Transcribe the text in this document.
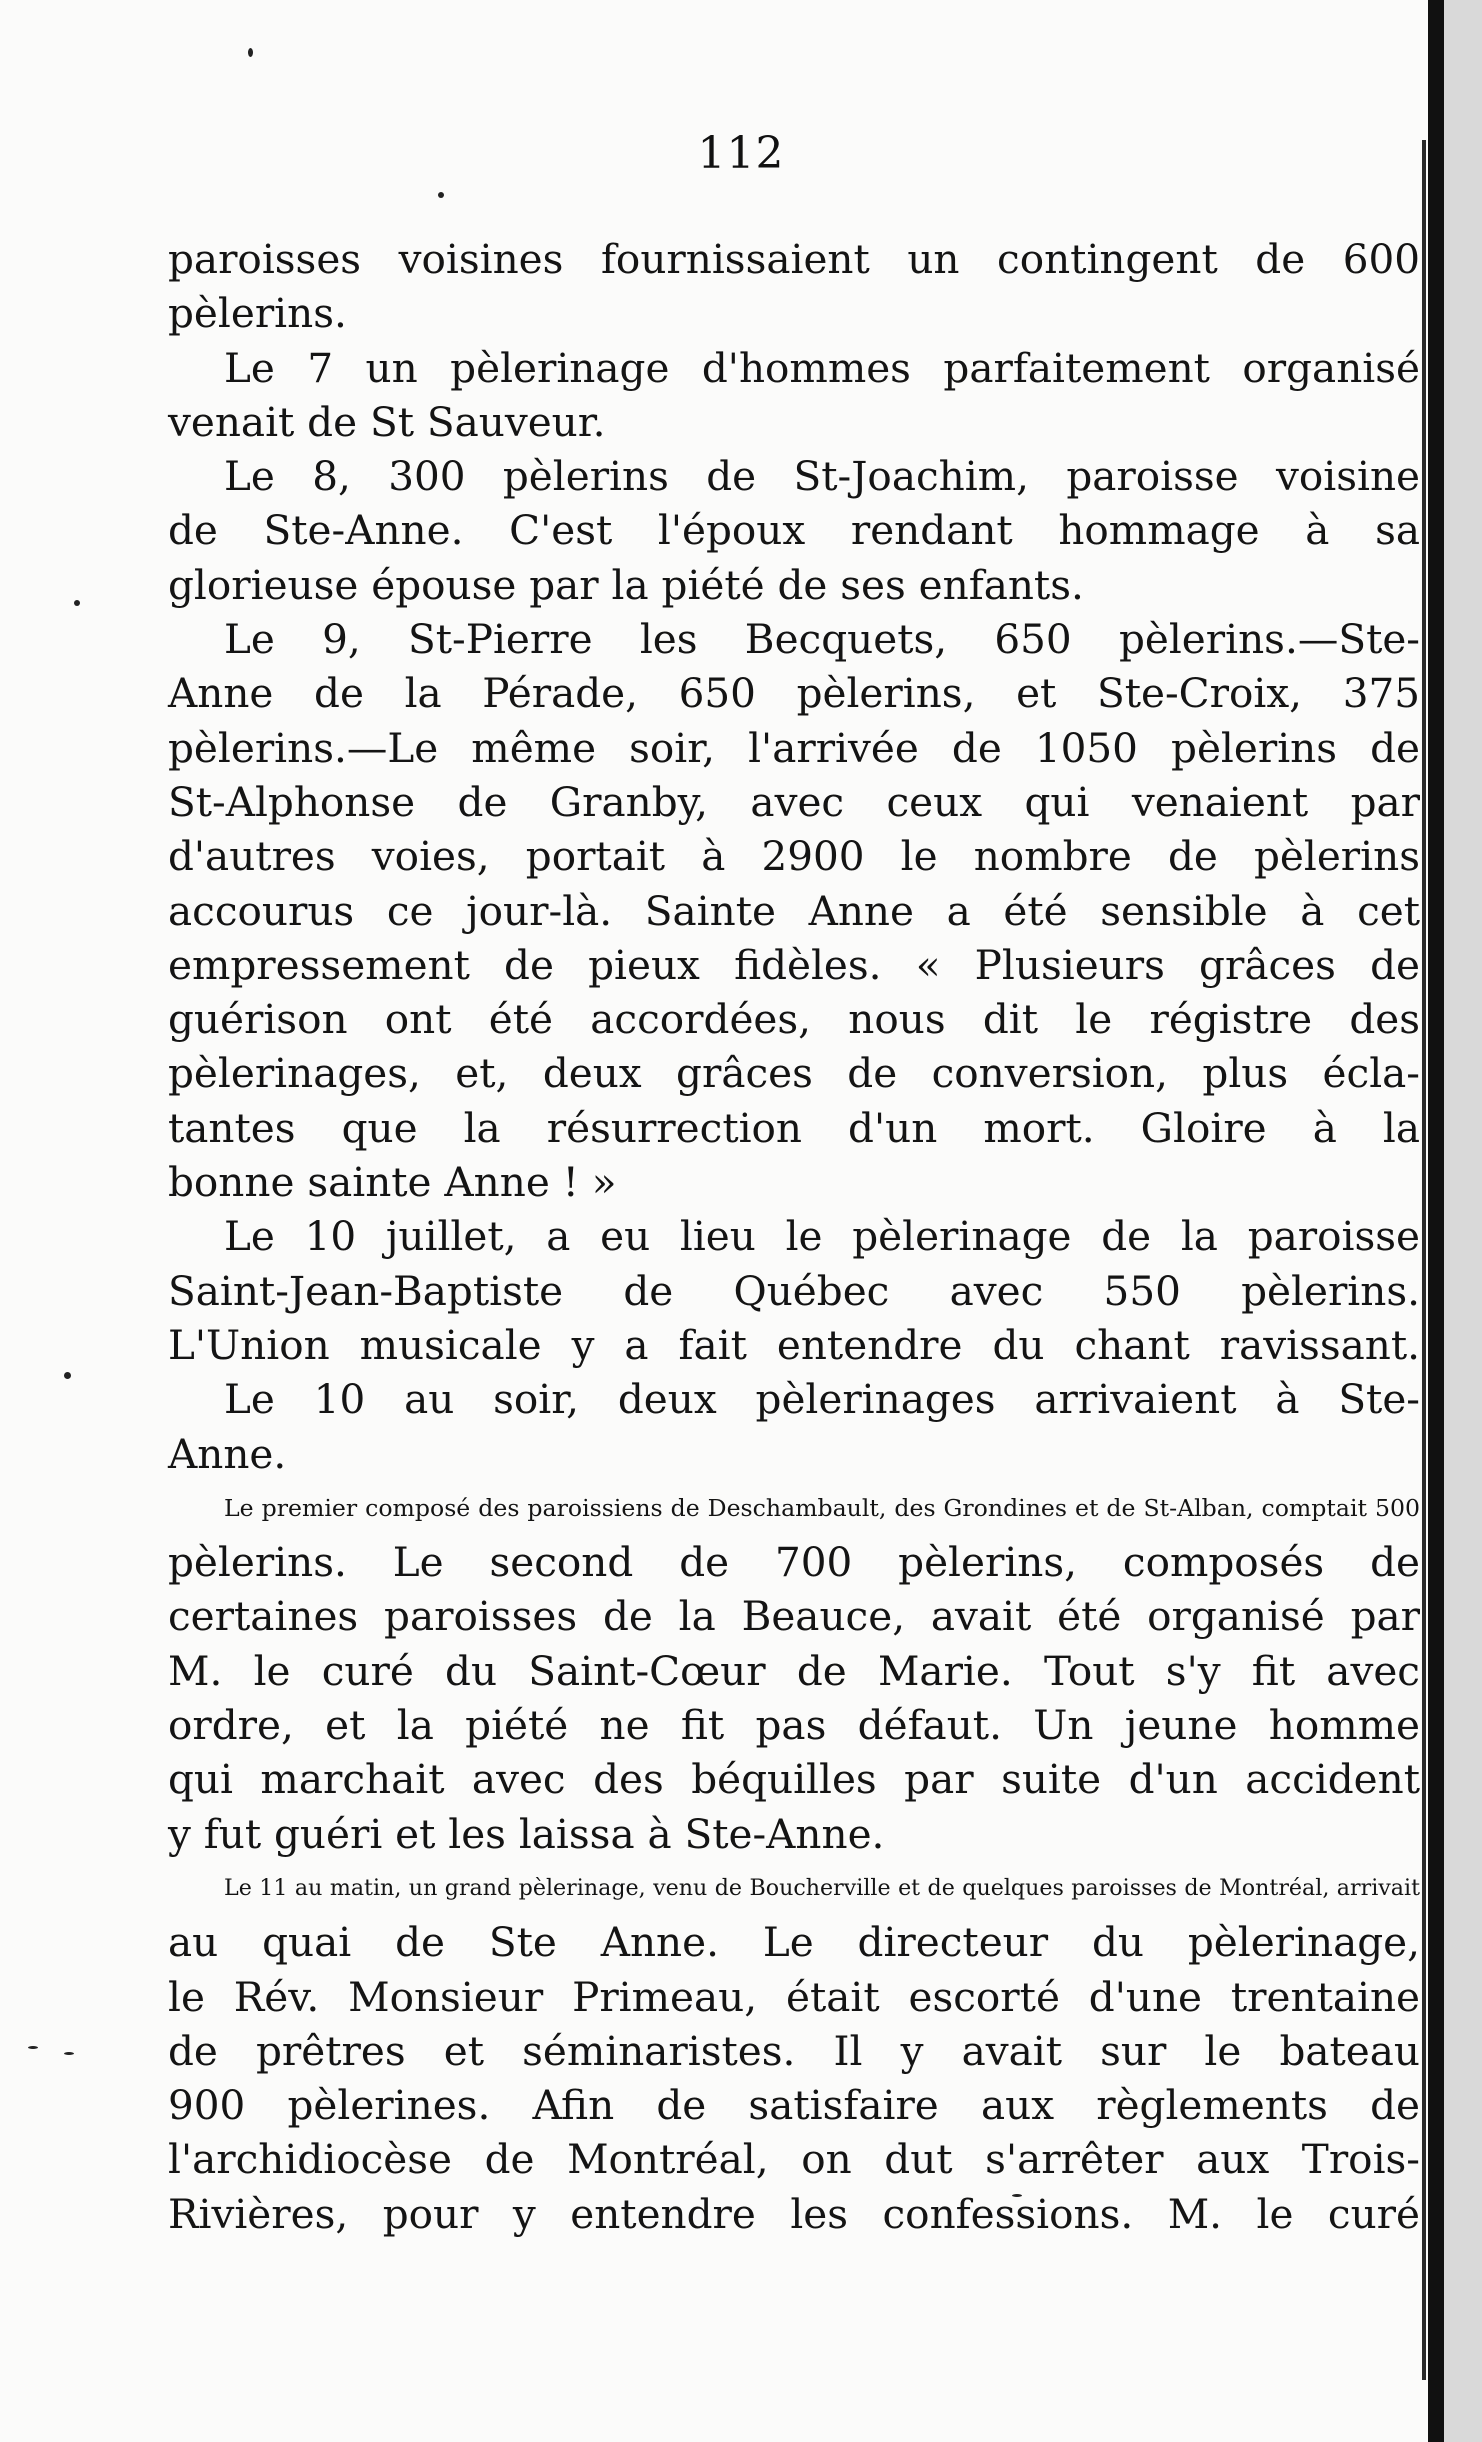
112
paroisses voisines fournissaient un contingent de 600
pèlerins.
Le 7 un pèlerinage d'hommes parfaitement organisé
venait de St Sauveur.
Le 8, 300 pèlerins de St-Joachim, paroisse voisine
de Ste-Anne. C'est l'époux rendant hommage à sa
glorieuse épouse par la piété de ses enfants.
Le 9, St-Pierre les Becquets, 650 pèlerins.—Ste-
Anne de la Pérade, 650 pèlerins, et Ste-Croix, 375
pèlerins.—Le même soir, l'arrivée de 1050 pèlerins de
St-Alphonse de Granby, avec ceux qui venaient par
d'autres voies, portait à 2900 le nombre de pèlerins
accourus ce jour-là. Sainte Anne a été sensible à cet
empressement de pieux fidèles. « Plusieurs grâces de
guérison ont été accordées, nous dit le régistre des
pèlerinages, et, deux grâces de conversion, plus écla-
tantes que la résurrection d'un mort. Gloire à la
bonne sainte Anne ! »
Le 10 juillet, a eu lieu le pèlerinage de la paroisse
Saint-Jean-Baptiste de Québec avec 550 pèlerins.
L'Union musicale y a fait entendre du chant ravissant.
Le 10 au soir, deux pèlerinages arrivaient à Ste-
Anne.
Le premier composé des paroissiens de Deschambault, des Grondines et de St-Alban, comptait 500
pèlerins. Le second de 700 pèlerins, composés de
certaines paroisses de la Beauce, avait été organisé par
M. le curé du Saint-Cœur de Marie. Tout s'y fit avec
ordre, et la piété ne fit pas défaut. Un jeune homme
qui marchait avec des béquilles par suite d'un accident
y fut guéri et les laissa à Ste-Anne.
Le 11 au matin, un grand pèlerinage, venu de Boucherville et de quelques paroisses de Montréal, arrivait
au quai de Ste Anne. Le directeur du pèlerinage,
le Rév. Monsieur Primeau, était escorté d'une trentaine
de prêtres et séminaristes. Il y avait sur le bateau
900 pèlerines. Afin de satisfaire aux règlements de
l'archidiocèse de Montréal, on dut s'arrêter aux Trois-
Rivières, pour y entendre les confessions. M. le curé
